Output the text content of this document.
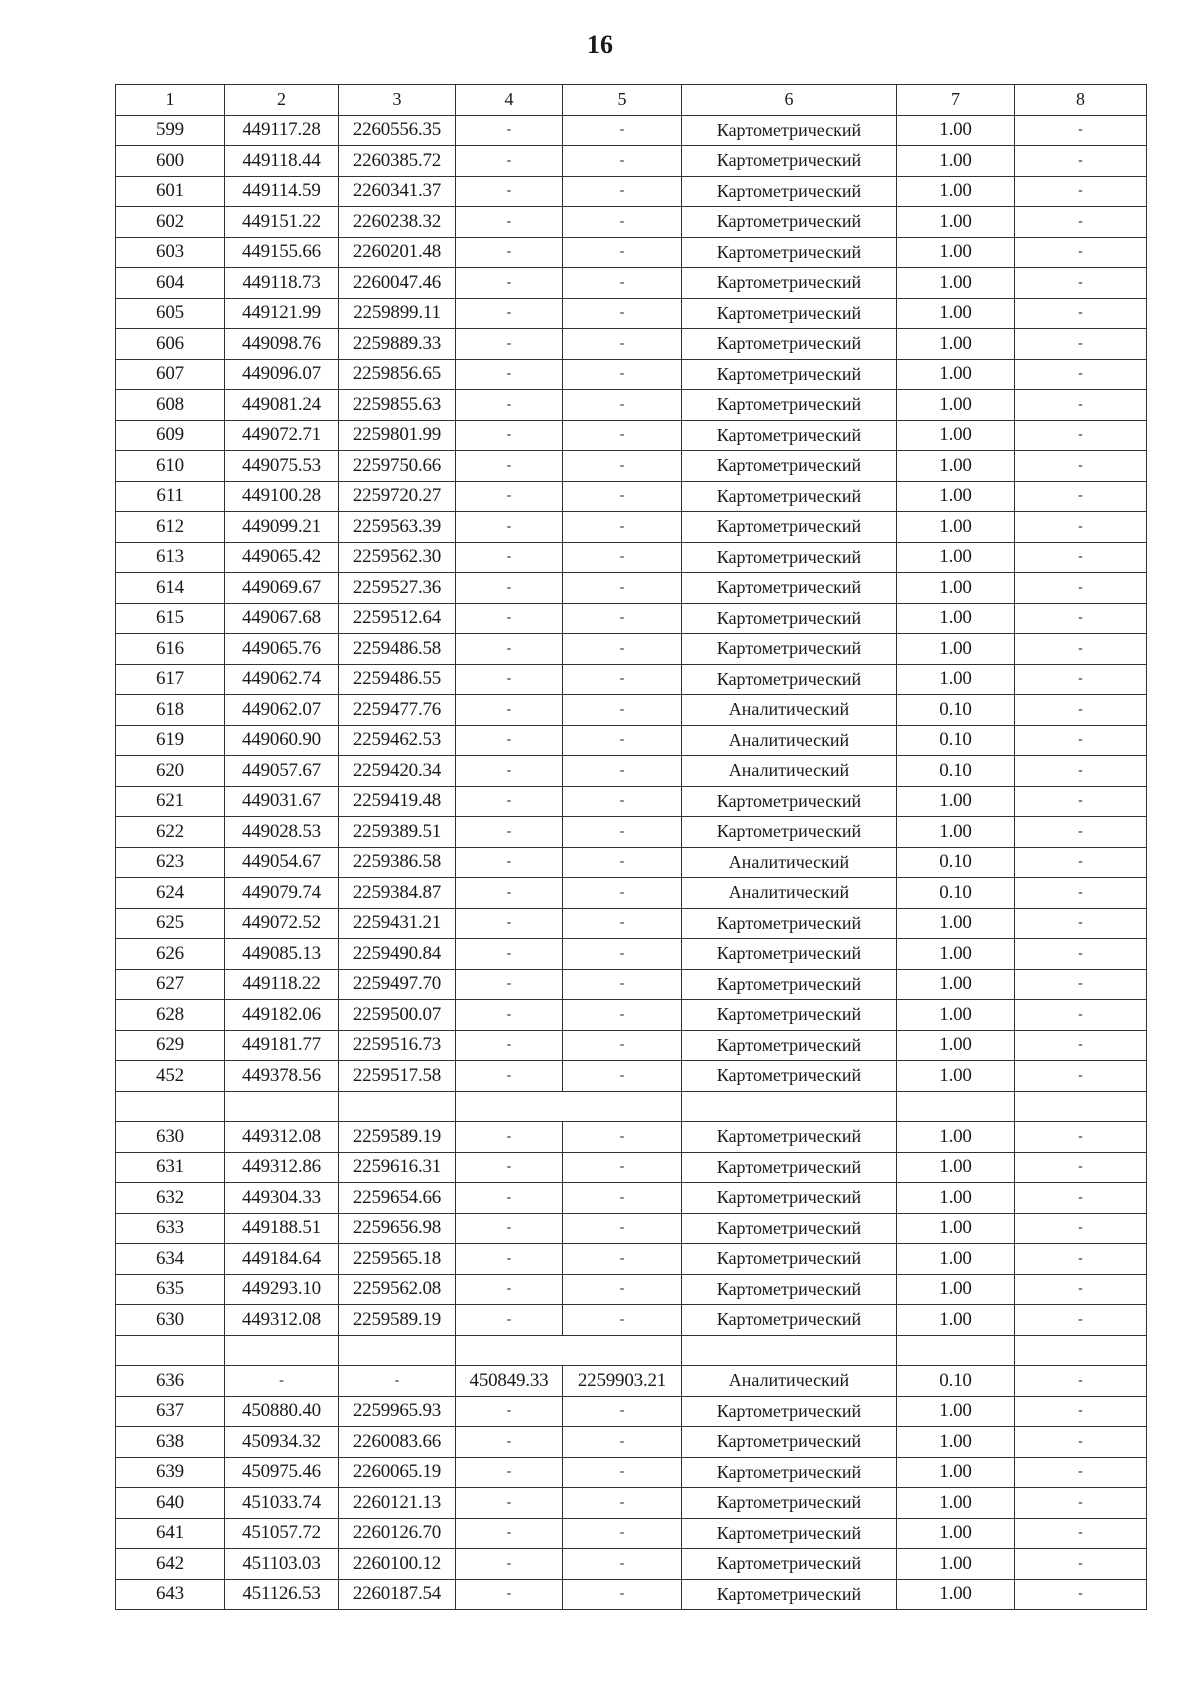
16
1	2	3	4	5	6	7	8
599	449117.28	2260556.35	-	-	Картометрический	1.00	-
600	449118.44	2260385.72	-	-	Картометрический	1.00	-
601	449114.59	2260341.37	-	-	Картометрический	1.00	-
602	449151.22	2260238.32	-	-	Картометрический	1.00	-
603	449155.66	2260201.48	-	-	Картометрический	1.00	-
604	449118.73	2260047.46	-	-	Картометрический	1.00	-
605	449121.99	2259899.11	-	-	Картометрический	1.00	-
606	449098.76	2259889.33	-	-	Картометрический	1.00	-
607	449096.07	2259856.65	-	-	Картометрический	1.00	-
608	449081.24	2259855.63	-	-	Картометрический	1.00	-
609	449072.71	2259801.99	-	-	Картометрический	1.00	-
610	449075.53	2259750.66	-	-	Картометрический	1.00	-
611	449100.28	2259720.27	-	-	Картометрический	1.00	-
612	449099.21	2259563.39	-	-	Картометрический	1.00	-
613	449065.42	2259562.30	-	-	Картометрический	1.00	-
614	449069.67	2259527.36	-	-	Картометрический	1.00	-
615	449067.68	2259512.64	-	-	Картометрический	1.00	-
616	449065.76	2259486.58	-	-	Картометрический	1.00	-
617	449062.74	2259486.55	-	-	Картометрический	1.00	-
618	449062.07	2259477.76	-	-	Аналитический	0.10	-
619	449060.90	2259462.53	-	-	Аналитический	0.10	-
620	449057.67	2259420.34	-	-	Аналитический	0.10	-
621	449031.67	2259419.48	-	-	Картометрический	1.00	-
622	449028.53	2259389.51	-	-	Картометрический	1.00	-
623	449054.67	2259386.58	-	-	Аналитический	0.10	-
624	449079.74	2259384.87	-	-	Аналитический	0.10	-
625	449072.52	2259431.21	-	-	Картометрический	1.00	-
626	449085.13	2259490.84	-	-	Картометрический	1.00	-
627	449118.22	2259497.70	-	-	Картометрический	1.00	-
628	449182.06	2259500.07	-	-	Картометрический	1.00	-
629	449181.77	2259516.73	-	-	Картометрический	1.00	-
452	449378.56	2259517.58	-	-	Картометрический	1.00	-

630	449312.08	2259589.19	-	-	Картометрический	1.00	-
631	449312.86	2259616.31	-	-	Картометрический	1.00	-
632	449304.33	2259654.66	-	-	Картометрический	1.00	-
633	449188.51	2259656.98	-	-	Картометрический	1.00	-
634	449184.64	2259565.18	-	-	Картометрический	1.00	-
635	449293.10	2259562.08	-	-	Картометрический	1.00	-
630	449312.08	2259589.19	-	-	Картометрический	1.00	-

636	-	-	450849.33	2259903.21	Аналитический	0.10	-
637	450880.40	2259965.93	-	-	Картометрический	1.00	-
638	450934.32	2260083.66	-	-	Картометрический	1.00	-
639	450975.46	2260065.19	-	-	Картометрический	1.00	-
640	451033.74	2260121.13	-	-	Картометрический	1.00	-
641	451057.72	2260126.70	-	-	Картометрический	1.00	-
642	451103.03	2260100.12	-	-	Картометрический	1.00	-
643	451126.53	2260187.54	-	-	Картометрический	1.00	-
